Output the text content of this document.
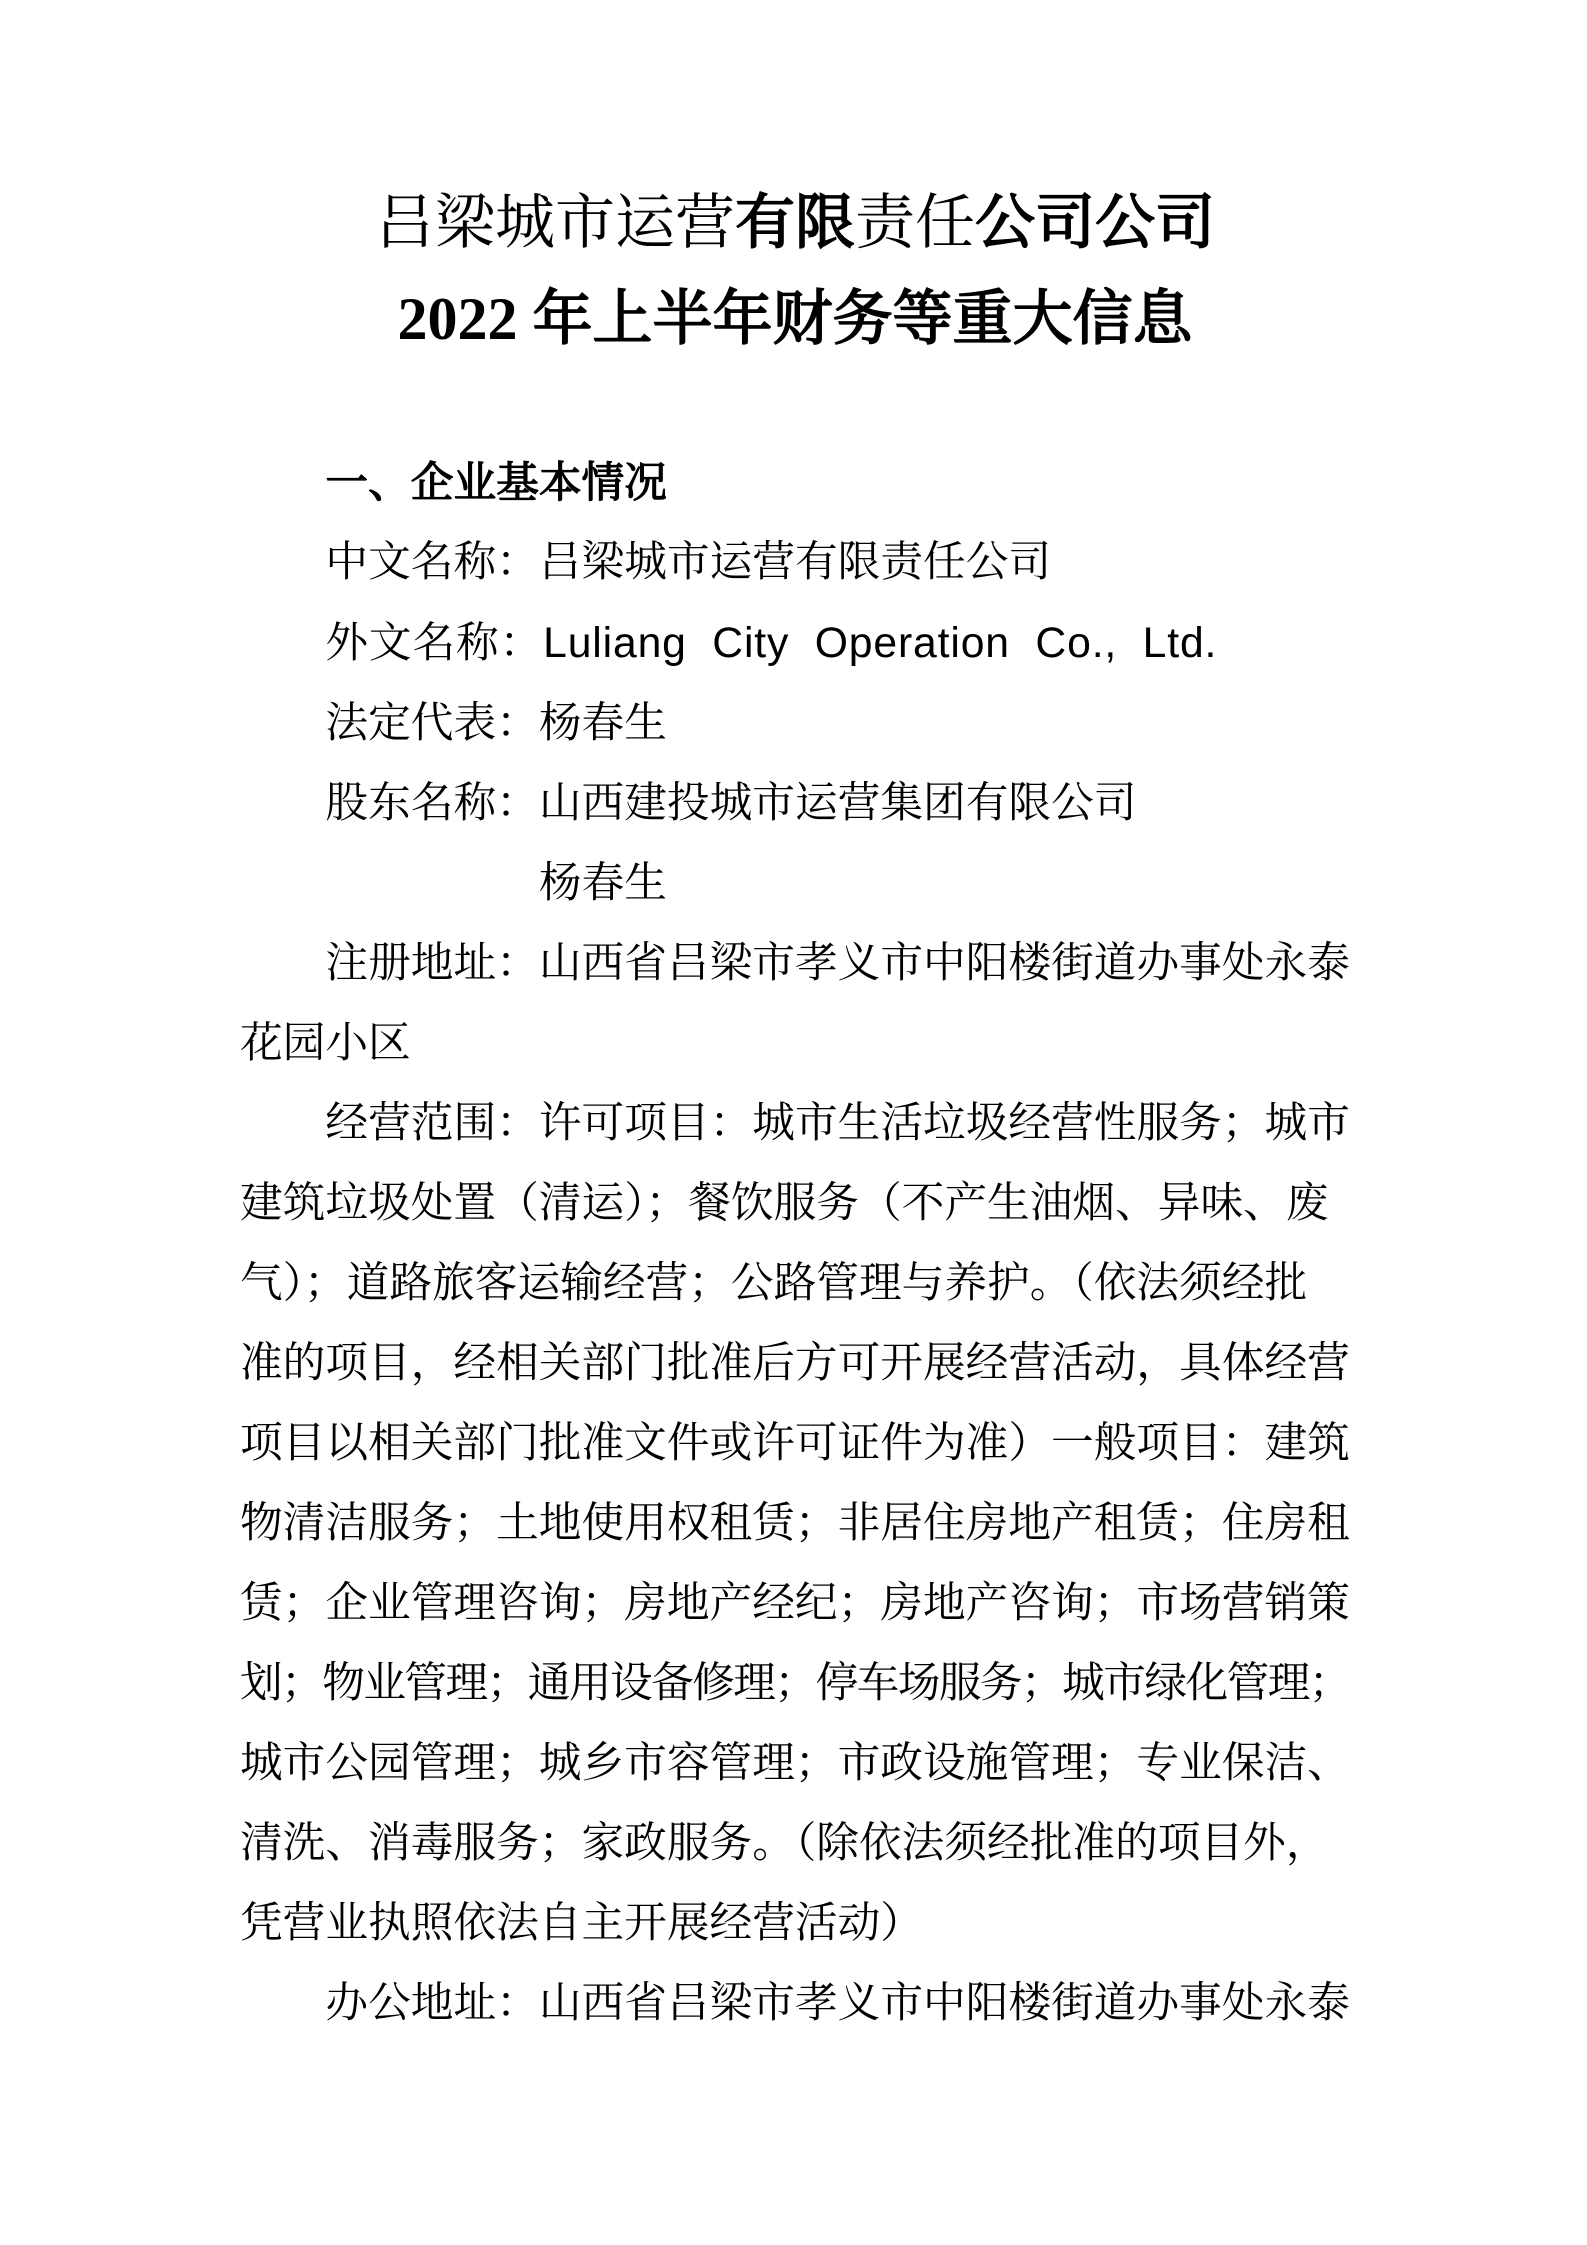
吕梁城市运营有限责任公司公司
2022 年上半年财务等重大信息
一、企业基本情况
中文名称：吕梁城市运营有限责任公司
外文名称：Luliang City Operation Co., Ltd.
法定代表：杨春生
股东名称：山西建投城市运营集团有限公司
杨春生
注册地址：山西省吕梁市孝义市中阳楼街道办事处永泰
花园小区
经营范围：许可项目：城市生活垃圾经营性服务；城市
建筑垃圾处置（清运）；餐饮服务（不产生油烟、异味、废
气）；道路旅客运输经营；公路管理与养护。（依法须经批
准的项目，经相关部门批准后方可开展经营活动，具体经营
项目以相关部门批准文件或许可证件为准）一般项目：建筑
物清洁服务；土地使用权租赁；非居住房地产租赁；住房租
赁；企业管理咨询；房地产经纪；房地产咨询；市场营销策
划；物业管理；通用设备修理；停车场服务；城市绿化管理；
城市公园管理；城乡市容管理；市政设施管理；专业保洁、
清洗、消毒服务；家政服务。（除依法须经批准的项目外，
凭营业执照依法自主开展经营活动）
办公地址：山西省吕梁市孝义市中阳楼街道办事处永泰
